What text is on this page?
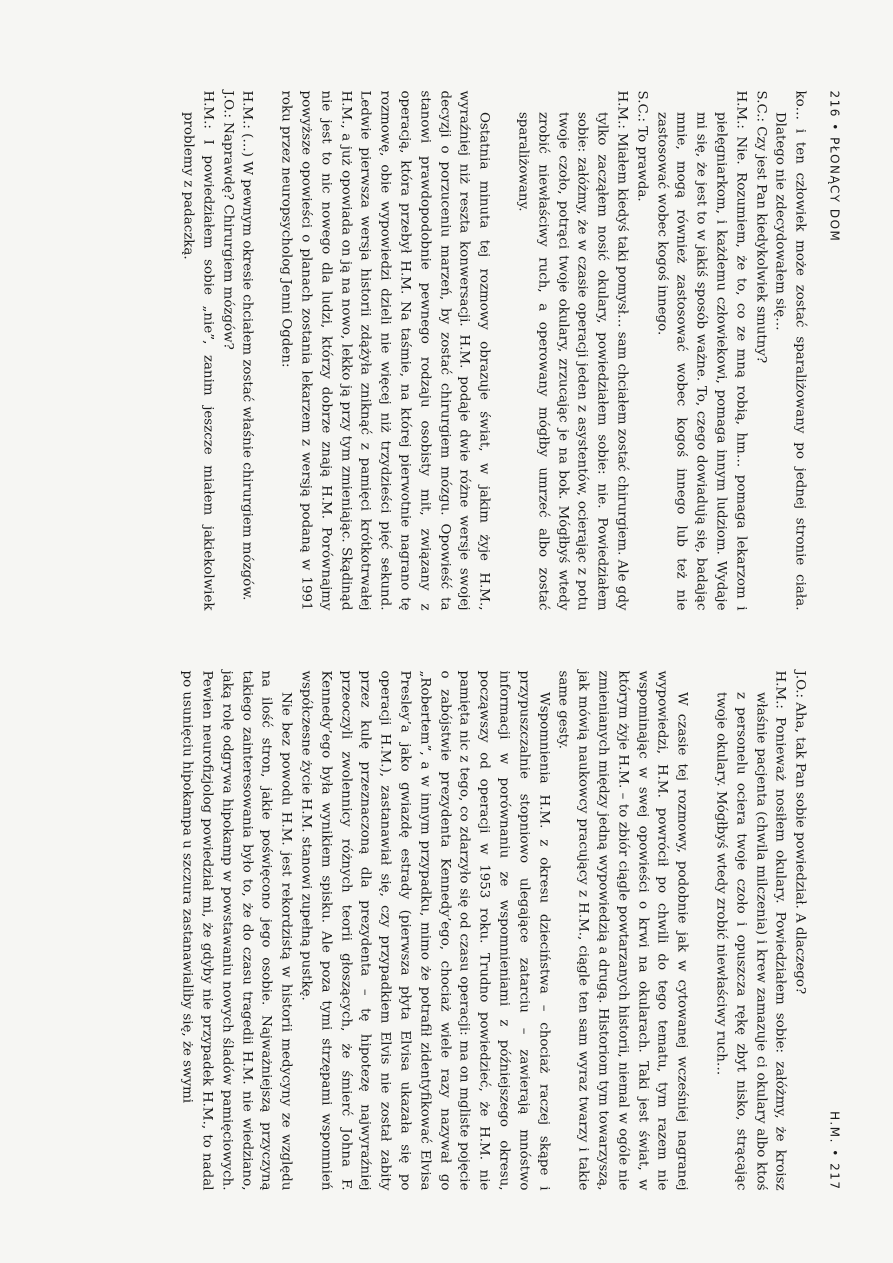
216 • PŁONĄCY DOM

ko… i ten człowiek może zostać sparaliżowany po jednej stronie ciała. Dlatego nie zdecydowałem się…

S.C.: Czy jest Pan kiedykolwiek smutny?

H.M.: Nie. Rozumiem, że to, co ze mną robią, hm… pomaga lekarzom i pielęgniarkom, i każdemu człowiekowi, pomaga innym ludziom. Wydaje mi się, że jest to w jakiś sposób ważne. To, czego dowiadują się, badając mnie, mogą również zastosować wobec kogoś innego lub też nie zastosować wobec kogoś innego.

S.C.: To prawda.

H.M.: Miałem kiedyś taki pomysł… sam chciałem zostać chirurgiem. Ale gdy tylko zacząłem nosić okulary, powiedziałem sobie: nie. Powiedziałem sobie: załóżmy, że w czasie operacji jeden z asystentów, ocierając z potu twoje czoło, potrąci twoje okulary, zrzucając je na bok. Mógłbyś wtedy zrobić niewłaściwy ruch, a operowany mógłby umrzeć albo zostać sparaliżowany.

Ostatnia minuta tej rozmowy obrazuje świat, w jakim żyje H.M., wyraźniej niż reszta konwersacji. H.M. podaje dwie różne wersje swojej decyzji o porzuceniu marzeń, by zostać chirurgiem mózgu. Opowieść ta stanowi prawdopodobnie pewnego rodzaju osobisty mit, związany z operacją, która przebył H.M. Na taśmie, na której pierwotnie nagrano tę rozmowę, obie wypowiedzi dzieli nie więcej niż trzydzieści pięć sekund. Ledwie pierwsza wersja historii zdążyła zniknąć z pamięci krótkotrwałej H.M., a już opowiada on ją na nowo, lekko ją przy tym zmieniając. Skądinąd nie jest to nic nowego dla ludzi, którzy dobrze znają H.M. Porównajmy powyższe opowieści o planach zostania lekarzem z wersją podaną w 1991 roku przez neuropsycholog Jenni Ogden:

H.M.: (…) W pewnym okresie chciałem zostać właśnie chirurgiem mózgów.

J.O.: Naprawdę? Chirurgiem mózgów?

H.M.: I powiedziałem sobie „nie”, zanim jeszcze miałem jakiekolwiek problemy z padaczką.

H.M. • 217

J.O.: Aha, tak Pan sobie powiedział. A dlaczego?

H.M.: Ponieważ nosiłem okulary. Powiedziałem sobie: załóżmy, że kroisz właśnie pacjenta (chwila milczenia) i krew zamazuje ci okulary albo ktoś z personelu ociera twoje czoło i opuszcza rękę zbyt nisko, strącając twoje okulary. Mógłbyś wtedy zrobić niewłaściwy ruch…

W czasie tej rozmowy, podobnie jak w cytowanej wcześniej nagranej wypowiedzi, H.M. powrócił po chwili do tego tematu, tym razem nie wspominając w swej opowieści o krwi na okularach. Taki jest świat, w którym żyje H.M. – to zbiór ciągle powtarzanych historii, niemal w ogóle nie zmienianych między jedną wypowiedzią a drugą. Historiom tym towarzyszą, jak mówią naukowcy pracujący z H.M., ciągle ten sam wyraz twarzy i takie same gesty.

Wspomnienia H.M. z okresu dzieciństwa – chociaż raczej skąpe i przypuszczalnie stopniowo ulegające zatarciu – zawierają mnóstwo informacji w porównaniu ze wspomnieniami z późniejszego okresu, począwszy od operacji w 1953 roku. Trudno powiedzieć, że H.M. nie pamięta nic z tego, co zdarzyło się od czasu operacji: ma on mgliste pojęcie o zabójstwie prezydenta Kennedy’ego, chociaż wiele razy nazywał go „Robertem”, a w innym przypadku, mimo że potrafił zidentyfikować Elvisa Presley’a jako gwiazdę estrady (pierwsza płyta Elvisa ukazała się po operacji H.M.), zastanawiał się, czy przypadkiem Elvis nie został zabity przez kulę przeznaczoną dla prezydenta – tę hipotezę najwyraźniej przeoczyli zwolennicy różnych teorii głoszących, że śmierć Johna F. Kennedy’ego była wynikiem spisku. Ale poza tymi strzępami wspomnień współczesne życie H.M. stanowi zupełną pustkę.

Nie bez powodu H.M. jest rekordzistą w historii medycyny ze względu na ilość stron, jakie poświęcono jego osobie. Najważniejszą przyczyną takiego zainteresowania było to, że do czasu tragedii H.M. nie wiedziano, jaką rolę odgrywa hipokamp w powstawaniu nowych śladów pamięciowych. Pewien neurofizjolog powiedział mi, że gdyby nie przypadek H.M., to nadal po usunięciu hipokampa u szczura zastanawialiby się, że swymi
